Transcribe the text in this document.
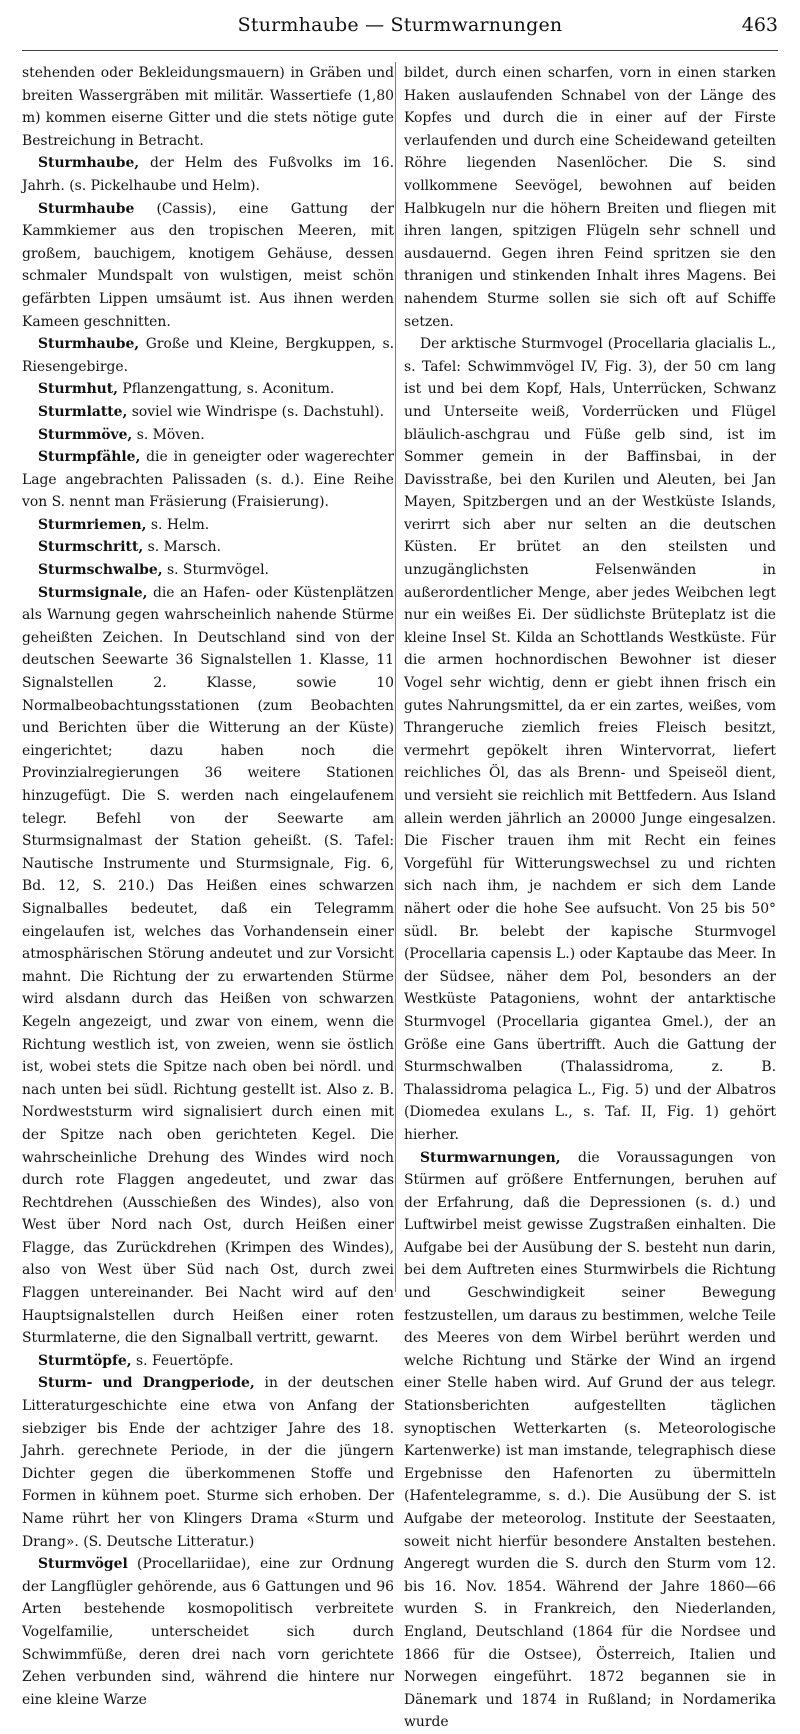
Sturmhaube — Sturmwarnungen	463

stehenden oder Bekleidungsmauern) in Gräben und breiten Wassergräben mit militär. Wassertiefe (1,80 m) kommen eiserne Gitter und die stets nötige gute Bestreichung in Betracht.

Sturmhaube, der Helm des Fußvolks im 16. Jahrh. (s. Pickelhaube und Helm).

Sturmhaube (Cassis), eine Gattung der Kammkiemer aus den tropischen Meeren, mit großem, bauchigem, knotigem Gehäuse, dessen schmaler Mundspalt von wulstigen, meist schön gefärbten Lippen umsäumt ist. Aus ihnen werden Kameen geschnitten.

Sturmhaube, Große und Kleine, Bergkuppen, s. Riesengebirge.

Sturmhut, Pflanzengattung, s. Aconitum.

Sturmlatte, soviel wie Windrispe (s. Dachstuhl).

Sturmmöve, s. Möven.

Sturmpfähle, die in geneigter oder wagerechter Lage angebrachten Palissaden (s. d.). Eine Reihe von S. nennt man Fräsierung (Fraisierung).

Sturmriemen, s. Helm.

Sturmschritt, s. Marsch.

Sturmschwalbe, s. Sturmvögel.

Sturmsignale, die an Hafen- oder Küstenplätzen als Warnung gegen wahrscheinlich nahende Stürme geheißten Zeichen. In Deutschland sind von der deutschen Seewarte 36 Signalstellen 1. Klasse, 11 Signalstellen 2. Klasse, sowie 10 Normalbeobachtungsstationen (zum Beobachten und Berichten über die Witterung an der Küste) eingerichtet; dazu haben noch die Provinzialregierungen 36 weitere Stationen hinzugefügt. Die S. werden nach eingelaufenem telegr. Befehl von der Seewarte am Sturmsignalmast der Station geheißt. (S. Tafel: Nautische Instrumente und Sturmsignale, Fig. 6, Bd. 12, S. 210.) Das Heißen eines schwarzen Signalballes bedeutet, daß ein Telegramm eingelaufen ist, welches das Vorhandensein einer atmosphärischen Störung andeutet und zur Vorsicht mahnt. Die Richtung der zu erwartenden Stürme wird alsdann durch das Heißen von schwarzen Kegeln angezeigt, und zwar von einem, wenn die Richtung westlich ist, von zweien, wenn sie östlich ist, wobei stets die Spitze nach oben bei nördl. und nach unten bei südl. Richtung gestellt ist. Also z. B. Nordweststurm wird signalisiert durch einen mit der Spitze nach oben gerichteten Kegel. Die wahrscheinliche Drehung des Windes wird noch durch rote Flaggen angedeutet, und zwar das Rechtdrehen (Ausschießen des Windes), also von West über Nord nach Ost, durch Heißen einer Flagge, das Zurückdrehen (Krimpen des Windes), also von West über Süd nach Ost, durch zwei Flaggen untereinander. Bei Nacht wird auf den Hauptsignalstellen durch Heißen einer roten Sturmlaterne, die den Signalball vertritt, gewarnt.

Sturmtöpfe, s. Feuertöpfe.

Sturm- und Drangperiode, in der deutschen Litteraturgeschichte eine etwa von Anfang der siebziger bis Ende der achtziger Jahre des 18. Jahrh. gerechnete Periode, in der die jüngern Dichter gegen die überkommenen Stoffe und Formen in kühnem poet. Sturme sich erhoben. Der Name rührt her von Klingers Drama «Sturm und Drang». (S. Deutsche Litteratur.)

Sturmvögel (Procellariidae), eine zur Ordnung der Langflügler gehörende, aus 6 Gattungen und 96 Arten bestehende kosmopolitisch verbreitete Vogelfamilie, unterscheidet sich durch Schwimmfüße, deren drei nach vorn gerichtete Zehen verbunden sind, während die hintere nur eine kleine Warze

bildet, durch einen scharfen, vorn in einen starken Haken auslaufenden Schnabel von der Länge des Kopfes und durch die in einer auf der Firste verlaufenden und durch eine Scheidewand geteilten Röhre liegenden Nasenlöcher. Die S. sind vollkommene Seevögel, bewohnen auf beiden Halbkugeln nur die höhern Breiten und fliegen mit ihren langen, spitzigen Flügeln sehr schnell und ausdauernd. Gegen ihren Feind spritzen sie den thranigen und stinkenden Inhalt ihres Magens. Bei nahendem Sturme sollen sie sich oft auf Schiffe setzen.

Der arktische Sturmvogel (Procellaria glacialis L., s. Tafel: Schwimmvögel IV, Fig. 3), der 50 cm lang ist und bei dem Kopf, Hals, Unterrücken, Schwanz und Unterseite weiß, Vorderrücken und Flügel bläulich-aschgrau und Füße gelb sind, ist im Sommer gemein in der Baffinsbai, in der Davisstraße, bei den Kurilen und Aleuten, bei Jan Mayen, Spitzbergen und an der Westküste Islands, verirrt sich aber nur selten an die deutschen Küsten. Er brütet an den steilsten und unzugänglichsten Felsenwänden in außerordentlicher Menge, aber jedes Weibchen legt nur ein weißes Ei. Der südlichste Brüteplatz ist die kleine Insel St. Kilda an Schottlands Westküste. Für die armen hochnordischen Bewohner ist dieser Vogel sehr wichtig, denn er giebt ihnen frisch ein gutes Nahrungsmittel, da er ein zartes, weißes, vom Thrangeruche ziemlich freies Fleisch besitzt, vermehrt gepökelt ihren Wintervorrat, liefert reichliches Öl, das als Brenn- und Speiseöl dient, und versieht sie reichlich mit Bettfedern. Aus Island allein werden jährlich an 20000 Junge eingesalzen. Die Fischer trauen ihm mit Recht ein feines Vorgefühl für Witterungswechsel zu und richten sich nach ihm, je nachdem er sich dem Lande nähert oder die hohe See aufsucht. Von 25 bis 50° südl. Br. belebt der kapische Sturmvogel (Procellaria capensis L.) oder Kaptaube das Meer. In der Südsee, näher dem Pol, besonders an der Westküste Patagoniens, wohnt der antarktische Sturmvogel (Procellaria gigantea Gmel.), der an Größe eine Gans übertrifft. Auch die Gattung der Sturmschwalben (Thalassidroma, z. B. Thalassidroma pelagica L., Fig. 5) und der Albatros (Diomedea exulans L., s. Taf. II, Fig. 1) gehört hierher.

Sturmwarnungen, die Voraussagungen von Stürmen auf größere Entfernungen, beruhen auf der Erfahrung, daß die Depressionen (s. d.) und Luftwirbel meist gewisse Zugstraßen einhalten. Die Aufgabe bei der Ausübung der S. besteht nun darin, bei dem Auftreten eines Sturmwirbels die Richtung und Geschwindigkeit seiner Bewegung festzustellen, um daraus zu bestimmen, welche Teile des Meeres von dem Wirbel berührt werden und welche Richtung und Stärke der Wind an irgend einer Stelle haben wird. Auf Grund der aus telegr. Stationsberichten aufgestellten täglichen synoptischen Wetterkarten (s. Meteorologische Kartenwerke) ist man imstande, telegraphisch diese Ergebnisse den Hafenorten zu übermitteln (Hafentelegramme, s. d.). Die Ausübung der S. ist Aufgabe der meteorolog. Institute der Seestaaten, soweit nicht hierfür besondere Anstalten bestehen. Angeregt wurden die S. durch den Sturm vom 12. bis 16. Nov. 1854. Während der Jahre 1860—66 wurden S. in Frankreich, den Niederlanden, England, Deutschland (1864 für die Nordsee und 1866 für die Ostsee), Österreich, Italien und Norwegen eingeführt. 1872 begannen sie in Dänemark und 1874 in Rußland; in Nordamerika wurde
